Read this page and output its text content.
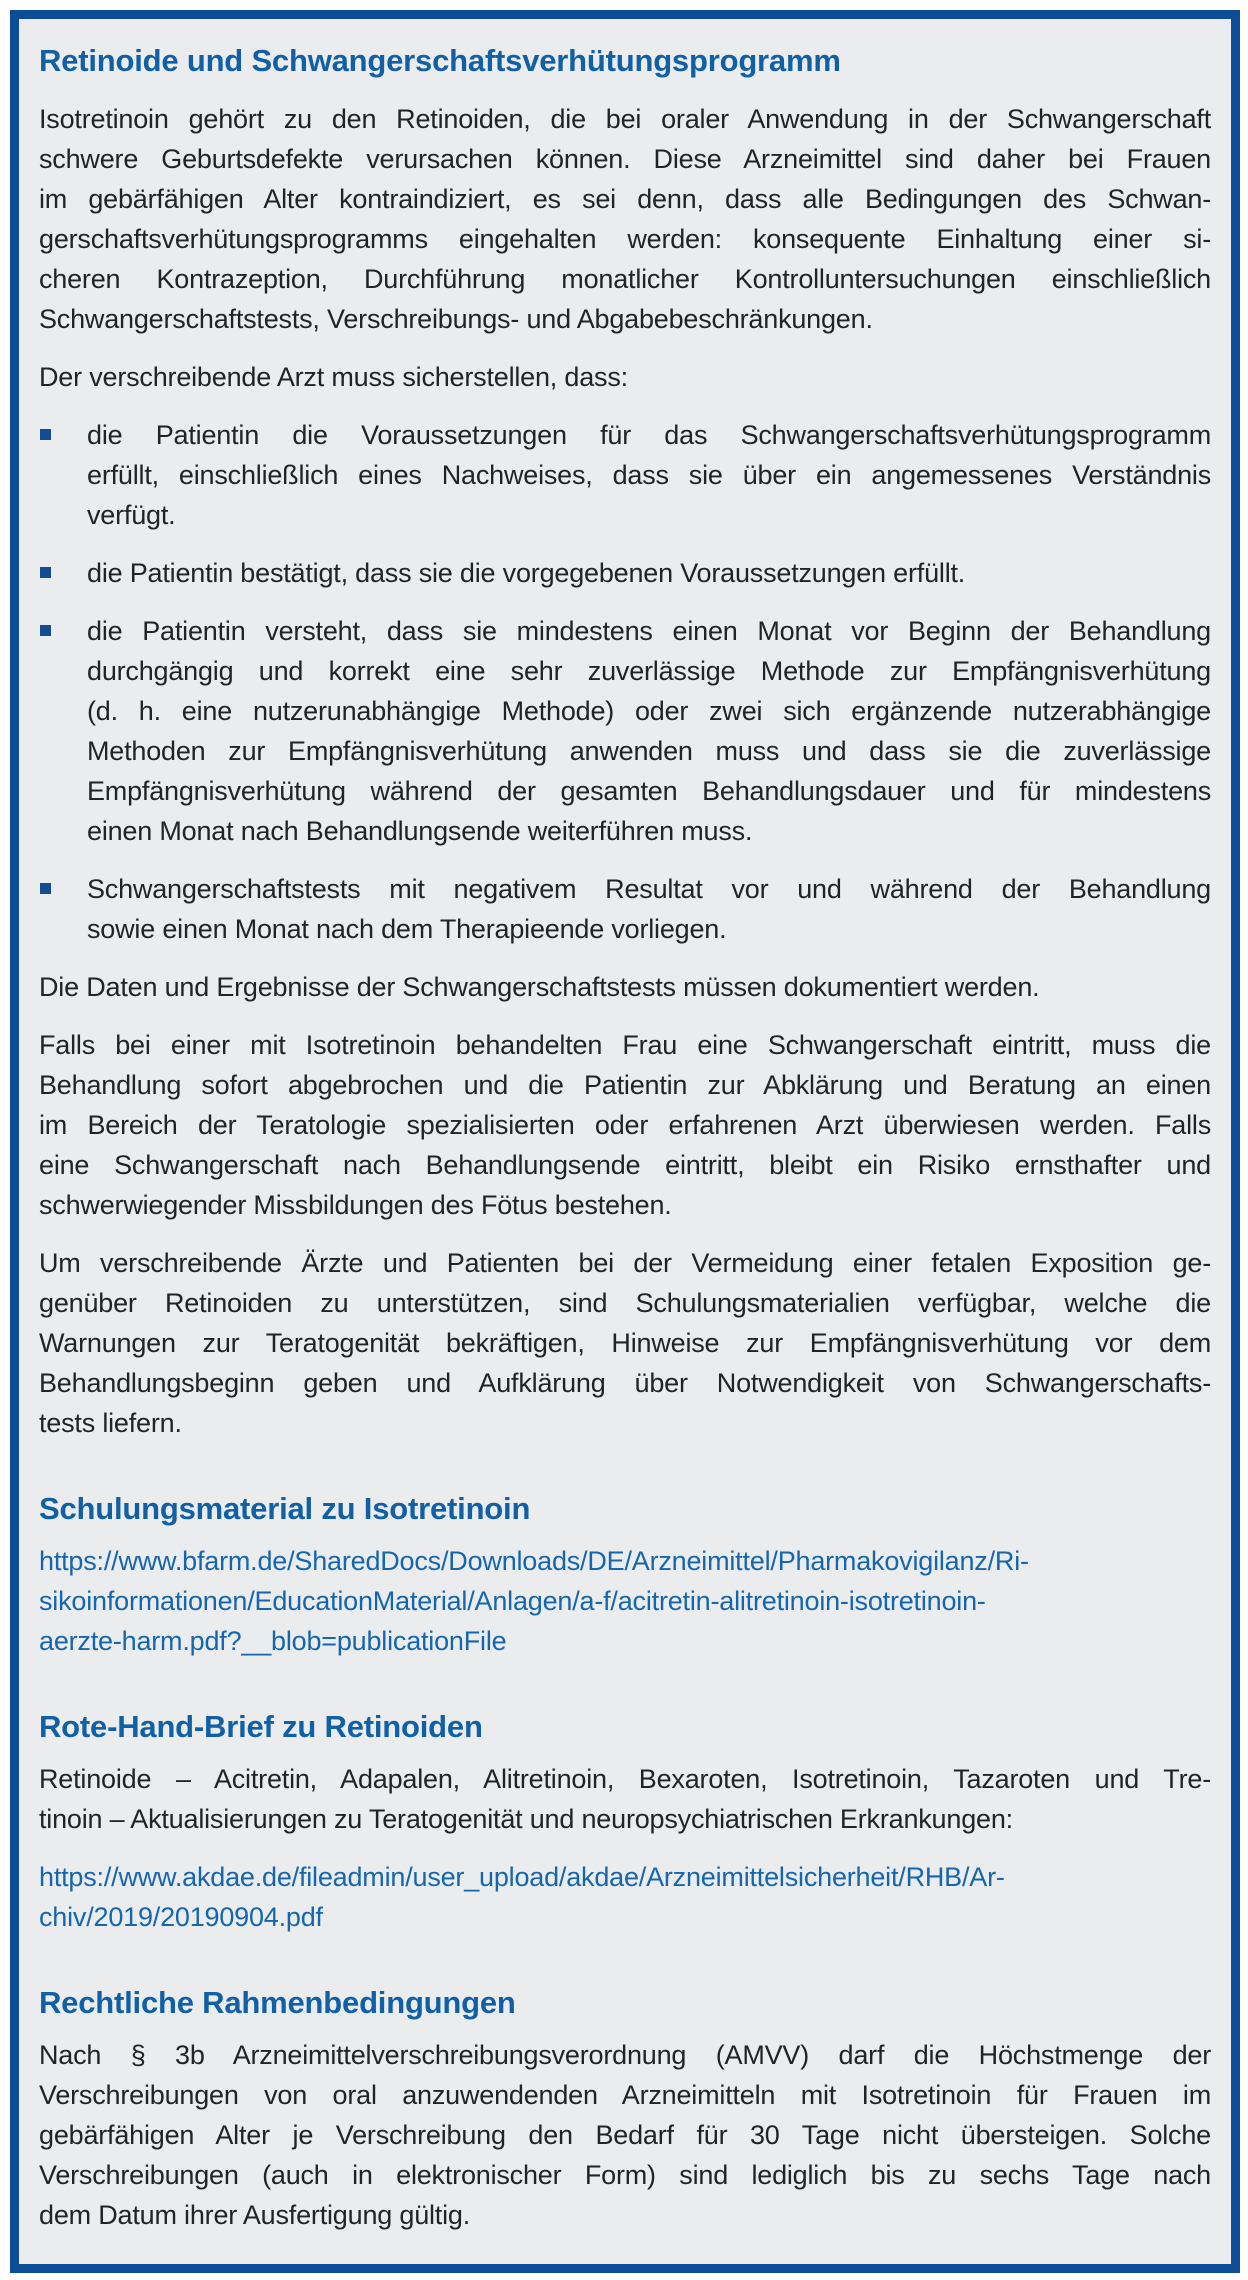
Retinoide und Schwangerschaftsverhütungsprogramm
Isotretinoin gehört zu den Retinoiden, die bei oraler Anwendung in der Schwangerschaft
schwere Geburtsdefekte verursachen können. Diese Arzneimittel sind daher bei Frauen
im gebärfähigen Alter kontraindiziert, es sei denn, dass alle Bedingungen des Schwan-
gerschaftsverhütungsprogramms eingehalten werden: konsequente Einhaltung einer si-
cheren Kontrazeption, Durchführung monatlicher Kontrolluntersuchungen einschließlich
Schwangerschaftstests, Verschreibungs- und Abgabebeschränkungen.
Der verschreibende Arzt muss sicherstellen, dass:
die Patientin die Voraussetzungen für das Schwangerschaftsverhütungsprogramm
erfüllt, einschließlich eines Nachweises, dass sie über ein angemessenes Verständnis
verfügt.
die Patientin bestätigt, dass sie die vorgegebenen Voraussetzungen erfüllt.
die Patientin versteht, dass sie mindestens einen Monat vor Beginn der Behandlung
durchgängig und korrekt eine sehr zuverlässige Methode zur Empfängnisverhütung
(d. h. eine nutzerunabhängige Methode) oder zwei sich ergänzende nutzerabhängige
Methoden zur Empfängnisverhütung anwenden muss und dass sie die zuverlässige
Empfängnisverhütung während der gesamten Behandlungsdauer und für mindestens
einen Monat nach Behandlungsende weiterführen muss.
Schwangerschaftstests mit negativem Resultat vor und während der Behandlung
sowie einen Monat nach dem Therapieende vorliegen.
Die Daten und Ergebnisse der Schwangerschaftstests müssen dokumentiert werden.
Falls bei einer mit Isotretinoin behandelten Frau eine Schwangerschaft eintritt, muss die
Behandlung sofort abgebrochen und die Patientin zur Abklärung und Beratung an einen
im Bereich der Teratologie spezialisierten oder erfahrenen Arzt überwiesen werden. Falls
eine Schwangerschaft nach Behandlungsende eintritt, bleibt ein Risiko ernsthafter und
schwerwiegender Missbildungen des Fötus bestehen.
Um verschreibende Ärzte und Patienten bei der Vermeidung einer fetalen Exposition ge-
genüber Retinoiden zu unterstützen, sind Schulungsmaterialien verfügbar, welche die
Warnungen zur Teratogenität bekräftigen, Hinweise zur Empfängnisverhütung vor dem
Behandlungsbeginn geben und Aufklärung über Notwendigkeit von Schwangerschafts-
tests liefern.
Schulungsmaterial zu Isotretinoin
https://www.bfarm.de/SharedDocs/Downloads/DE/Arzneimittel/Pharmakovigilanz/Ri-
sikoinformationen/EducationMaterial/Anlagen/a-f/acitretin-alitretinoin-isotretinoin-
aerzte-harm.pdf?__blob=publicationFile
Rote-Hand-Brief zu Retinoiden
Retinoide – Acitretin, Adapalen, Alitretinoin, Bexaroten, Isotretinoin, Tazaroten und Tre-
tinoin – Aktualisierungen zu Teratogenität und neuropsychiatrischen Erkrankungen:
https://www.akdae.de/fileadmin/user_upload/akdae/Arzneimittelsicherheit/RHB/Ar-
chiv/2019/20190904.pdf
Rechtliche Rahmenbedingungen
Nach § 3b Arzneimittelverschreibungsverordnung (AMVV) darf die Höchstmenge der
Verschreibungen von oral anzuwendenden Arzneimitteln mit Isotretinoin für Frauen im
gebärfähigen Alter je Verschreibung den Bedarf für 30 Tage nicht übersteigen. Solche
Verschreibungen (auch in elektronischer Form) sind lediglich bis zu sechs Tage nach
dem Datum ihrer Ausfertigung gültig.
